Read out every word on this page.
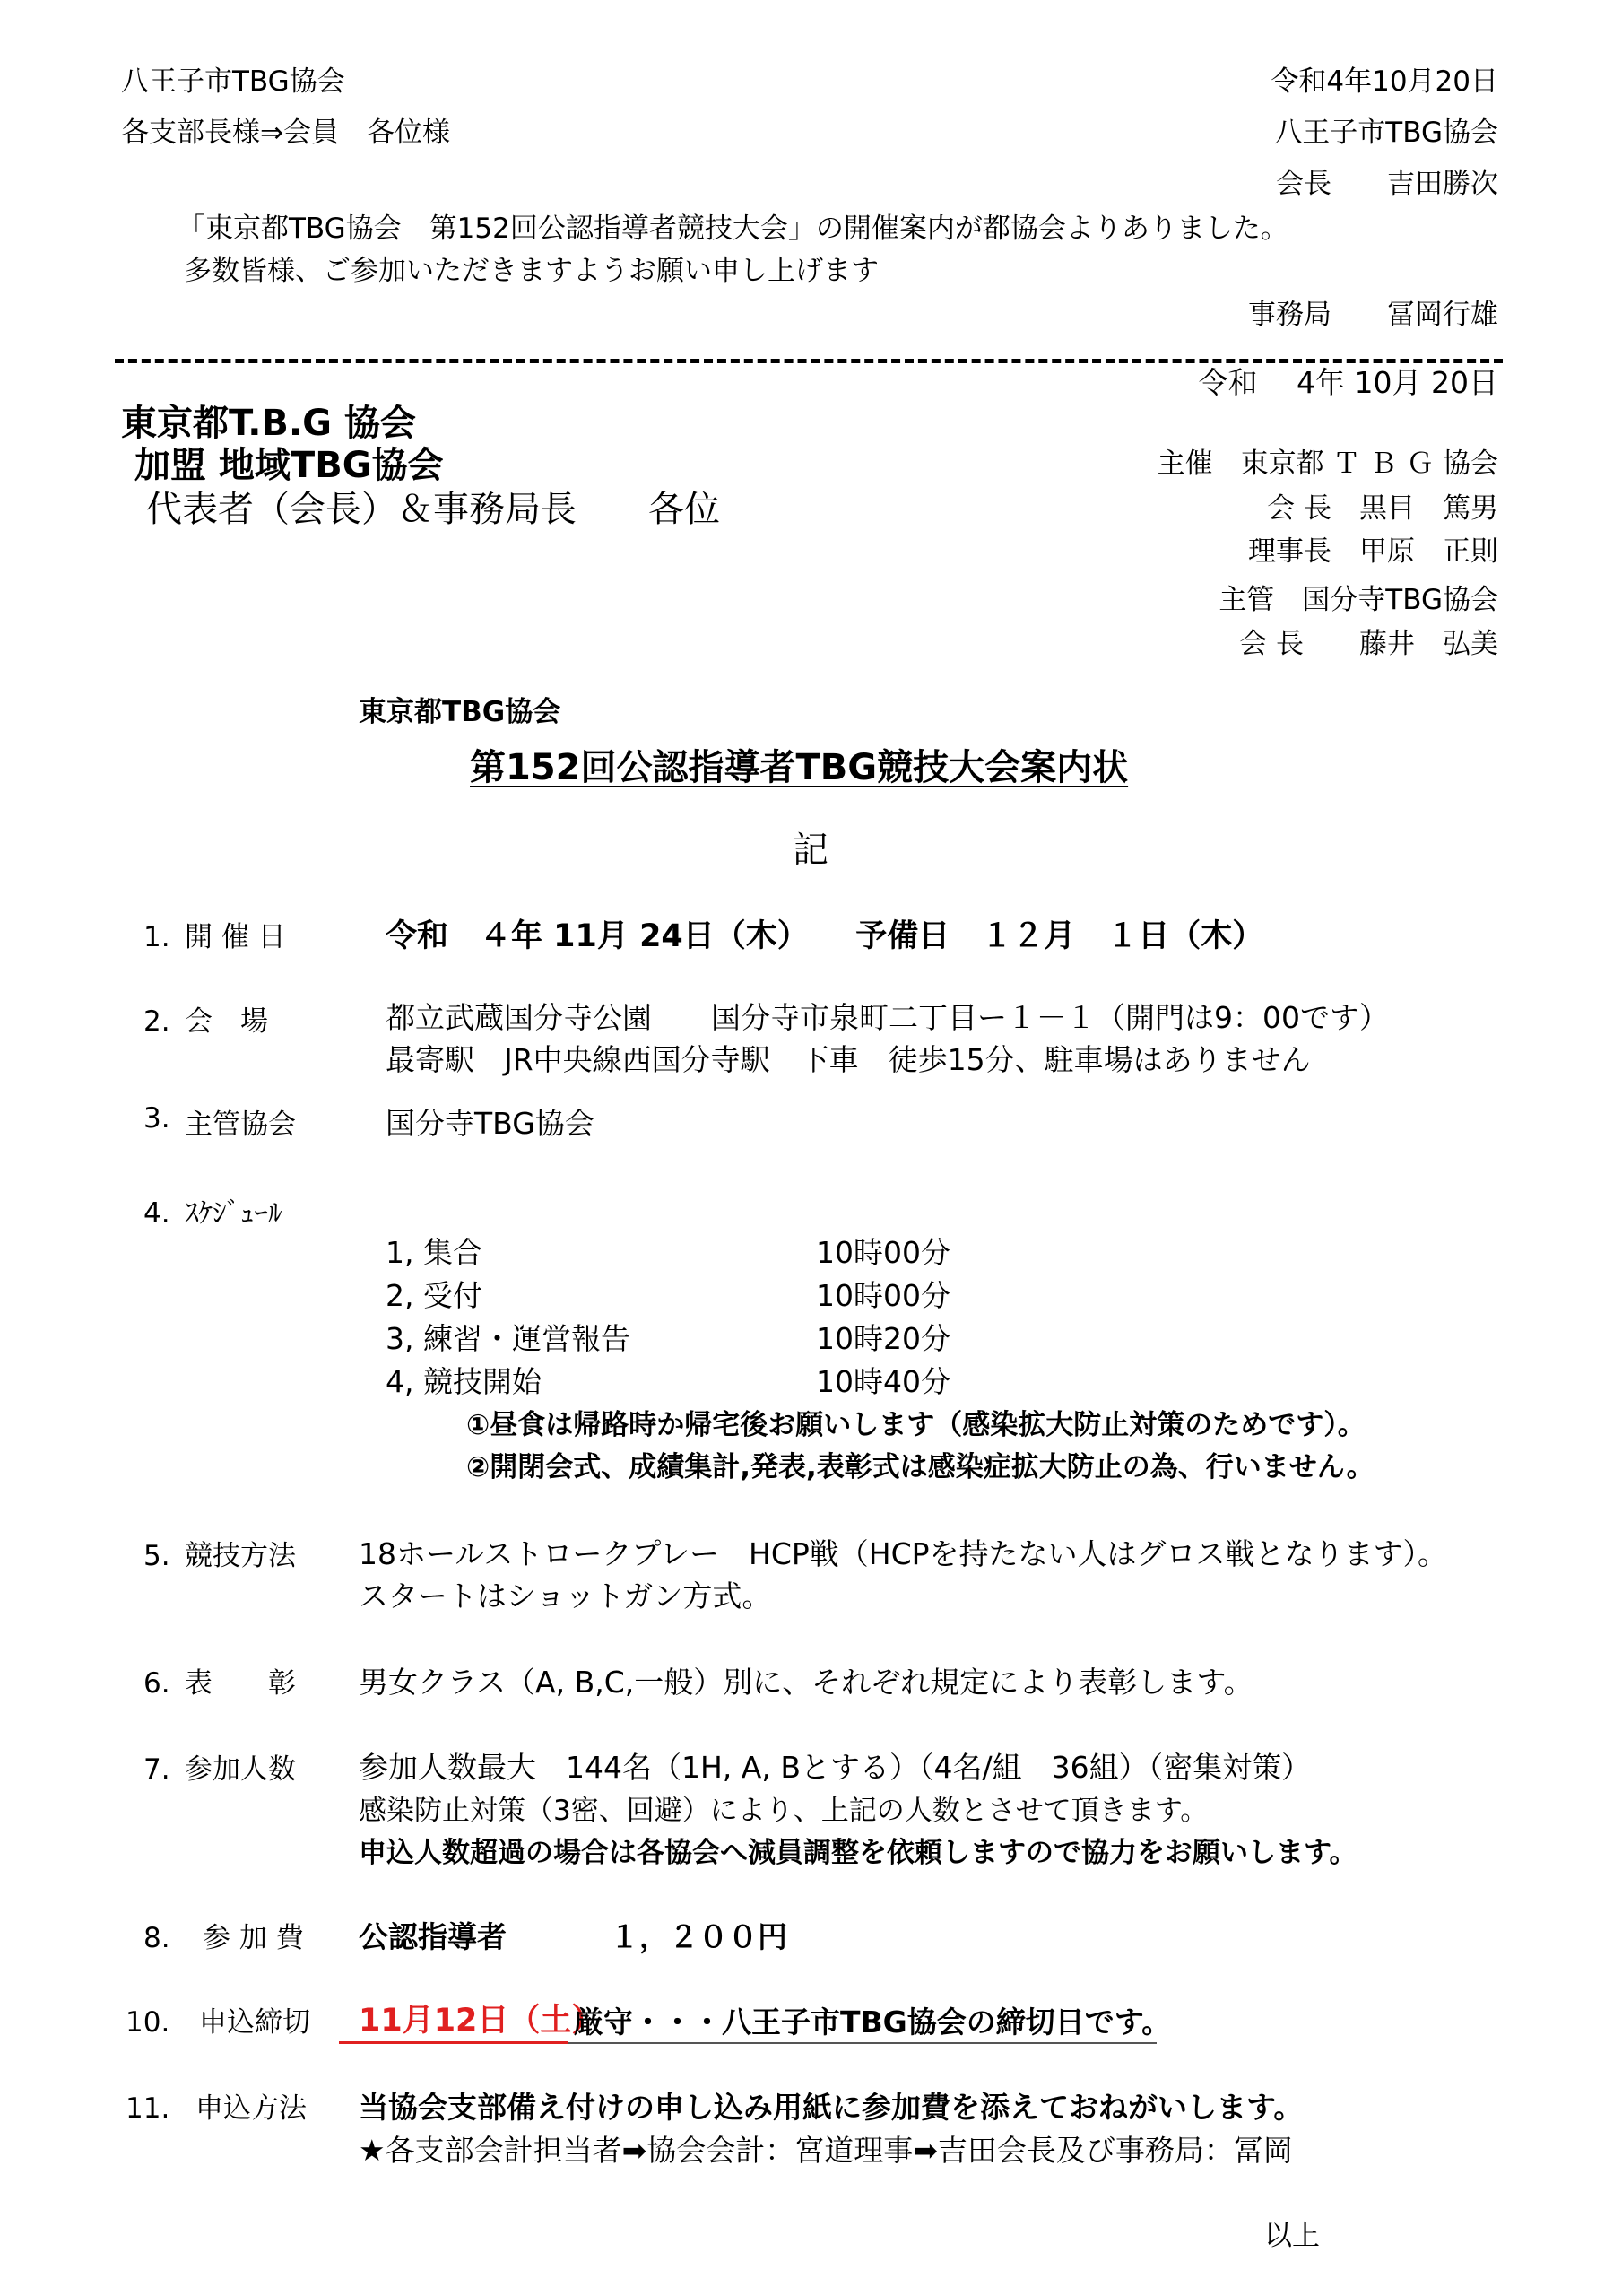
八王子市TBG協会
各支部長様⇒会員　各位様
令和4年10月20日
八王子市TBG協会
会長　　吉田勝次
「東京都TBG協会　第152回公認指導者競技大会」の開催案内が都協会よりありました。
多数皆様、ご参加いただきますようお願い申し上げます
事務局　　冨岡行雄
令和　 4年 10月 20日
東京都T.B.G 協会
加盟 地域TBG協会
代表者（会長）＆事務局長　　各位
主催　東京都 Ｔ Ｂ Ｇ 協会
会 長　黒目　篤男
理事長　甲原　正則
主管　国分寺TBG協会
会 長　　藤井　弘美
東京都TBG協会
第152回公認指導者TBG競技大会案内状
記
1. 開 催 日	令和　４年 11月 24日（木）　　予備日　１２月　１日（木）
2. 会　場	都立武蔵国分寺公園　　国分寺市泉町二丁目ー１－１（開門は9：00です）
最寄駅　JR中央線西国分寺駅　下車　徒歩15分、駐車場はありません
3. 主管協会	国分寺TBG協会
4. ｽｹｼﾞｭｰﾙ
1, 集合	10時00分
2, 受付	10時00分
3, 練習・運営報告	10時20分
4, 競技開始	10時40分
①昼食は帰路時か帰宅後お願いします（感染拡大防止対策のためです）。
②開閉会式、成績集計,発表,表彰式は感染症拡大防止の為、行いません。
5. 競技方法 18ホールストロークプレー　HCP戦（HCPを持たない人はグロス戦となります）。
スタートはショットガン方式。
6. 表　　彰 男女クラス（A, B,C,一般）別に、それぞれ規定により表彰します。
7. 参加人数 参加人数最大　144名（1H, A, Bとする）（4名/組　36組）（密集対策）
感染防止対策（3密、回避）により、上記の人数とさせて頂きます。
申込人数超過の場合は各協会へ減員調整を依頼しますので協力をお願いします。
8. 参 加 費 公認指導者	１，２００円
10. 申込締切 11月12日（土）
厳守・・・八王子市TBG協会の締切日です。
11. 申込方法 当協会支部備え付けの申し込み用紙に参加費を添えておねがいします。
★各支部会計担当者➡協会会計：宮道理事➡吉田会長及び事務局：冨岡
以上
